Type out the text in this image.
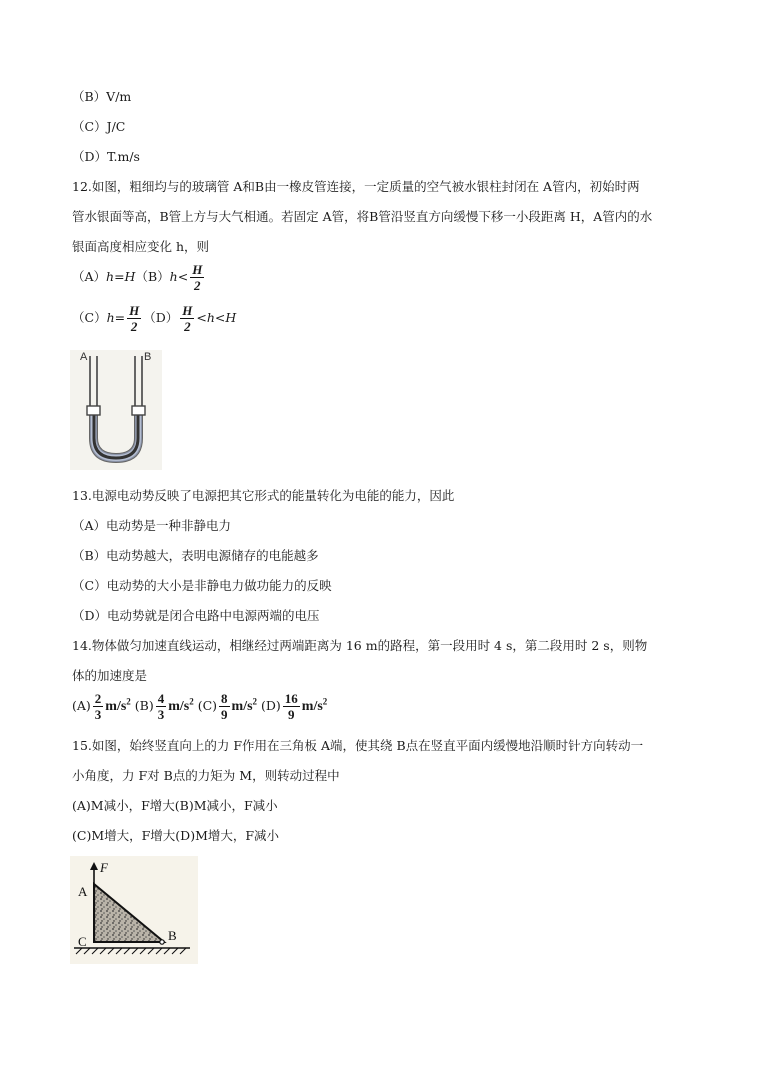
（B）V/m
（C）J/C
（D）T.m/s
12.如图，粗细均与的玻璃管 A和B由一橡皮管连接，一定质量的空气被水银柱封闭在 A管内，初始时两
管水银面等高，B管上方与大气相通。若固定 A管，将B管沿竖直方向缓慢下移一小段距离 H，A管内的水
银面高度相应变化 h，则
$(A)h=H(B)h< \frac{H}{2}$
$(C)h= \frac{H}{2} (D) \frac{H}{2} <h<H$
A	B
13.电源电动势反映了电源把其它形式的能量转化为电能的能力，因此
（A）电动势是一种非静电力
（B）电动势越大，表明电源储存的电能越多
（C）电动势的大小是非静电力做功能力的反映
（D）电动势就是闭合电路中电源两端的电压
14.物体做匀加速直线运动，相继经过两端距离为 16 m的路程，第一段用时 4 s，第二段用时 2 s，则物
体的加速度是
$(A) \frac{2}{3} m/s^2$ $(B) \frac{4}{3} m/s^2$ $(C) \frac{8}{9} m/s^2$ $(D) \frac{16}{9} m/s^2$
15.如图，始终竖直向上的力 F作用在三角板 A端，使其绕 B点在竖直平面内缓慢地沿顺时针方向转动一
小角度，力 F对 B点的力矩为 M，则转动过程中
(A)M减小，F增大(B)M减小，F减小
(C)M增大，F增大(D)M增大，F减小
F
A
C	B
